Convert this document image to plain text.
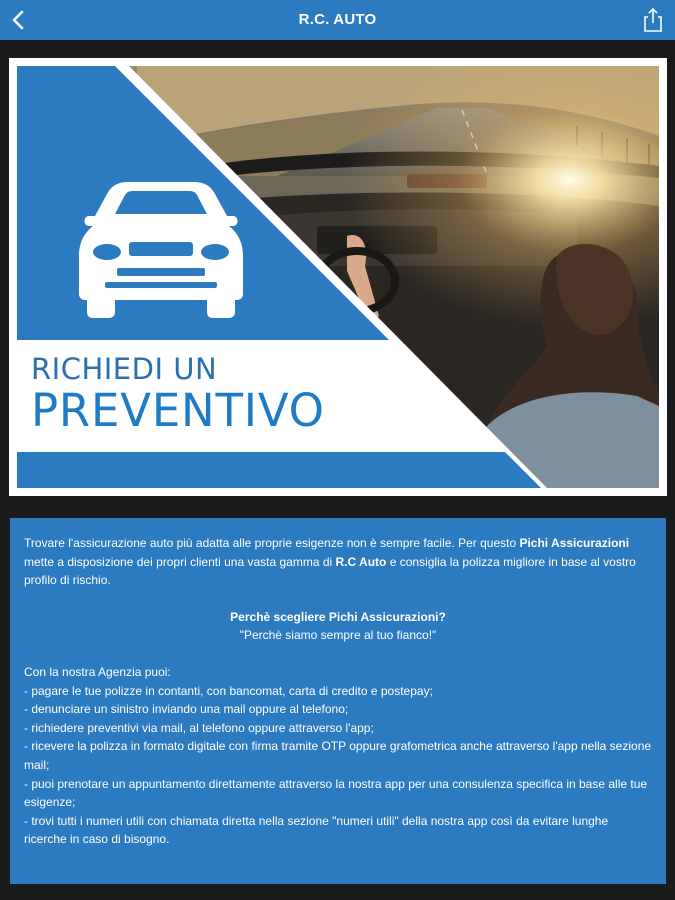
R.C. AUTO
RICHIEDI UN
PREVENTIVO

Trovare l'assicurazione auto più adatta alle proprie esigenze non è sempre facile. Per questo Pichi Assicurazioni mette a disposizione dei propri clienti una vasta gamma di R.C Auto e consiglia la polizza migliore in base al vostro profilo di rischio.

Perchè scegliere Pichi Assicurazioni?

"Perchè siamo sempre al tuo fianco!"

Con la nostra Agenzia puoi:

- pagare le tue polizze in contanti, con bancomat, carta di credito e postepay;

- denunciare un sinistro inviando una mail oppure al telefono;

- richiedere preventivi via mail, al telefono oppure attraverso l'app;

- ricevere la polizza in formato digitale con firma tramite OTP oppure grafometrica anche attraverso l'app nella sezione mail;

- puoi prenotare un appuntamento direttamente attraverso la nostra app per una consulenza specifica in base alle tue esigenze;

- trovi tutti i numeri utili con chiamata diretta nella sezione "numeri utili" della nostra app così da evitare lunghe ricerche in caso di bisogno.
